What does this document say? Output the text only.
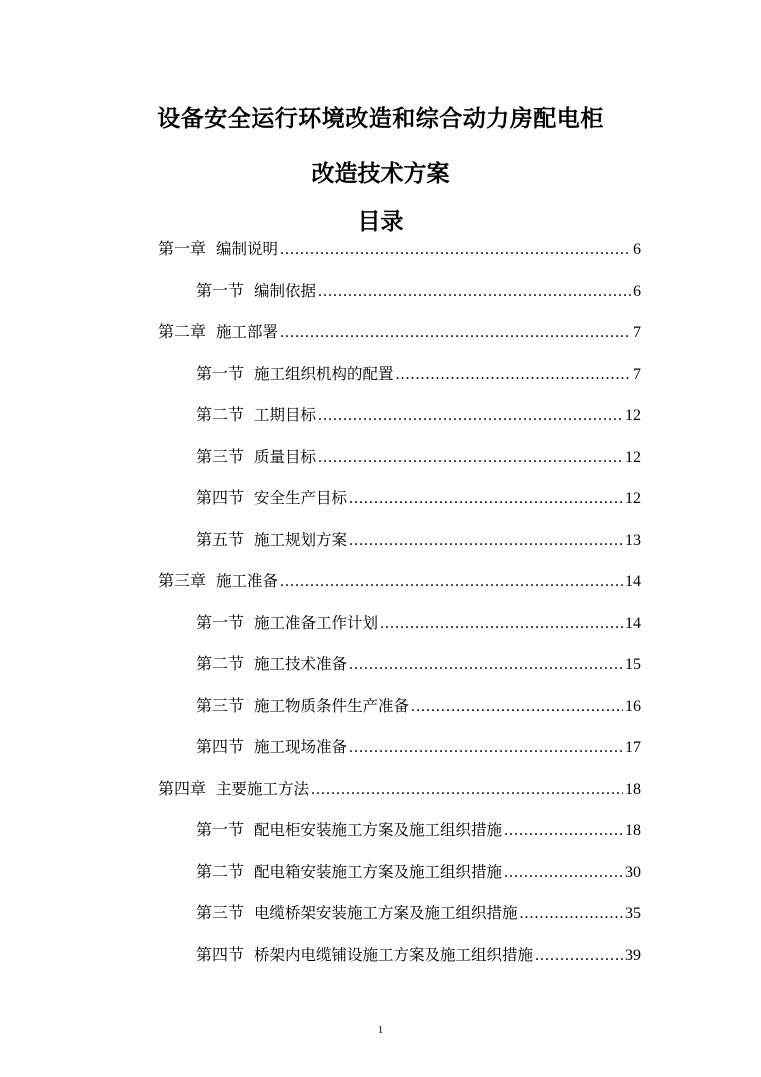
设备安全运行环境改造和综合动力房配电柜
改造技术方案
目录
第一章 编制说明 .....	6
第一节 编制依据 .....	6
第二章 施工部署 .....	7
第一节 施工组织机构的配置 .....	7
第二节 工期目标 .....	12
第三节 质量目标 .....	12
第四节 安全生产目标 .....	12
第五节 施工规划方案 .....	13
第三章 施工准备 .....	14
第一节 施工准备工作计划 .....	14
第二节 施工技术准备 .....	15
第三节 施工物质条件生产准备 .....	16
第四节 施工现场准备 .....	17
第四章 主要施工方法 .....	18
第一节 配电柜安装施工方案及施工组织措施 .....	18
第二节 配电箱安装施工方案及施工组织措施 .....	30
第三节 电缆桥架安装施工方案及施工组织措施 .....	35
第四节 桥架内电缆铺设施工方案及施工组织措施 .....	39
1
